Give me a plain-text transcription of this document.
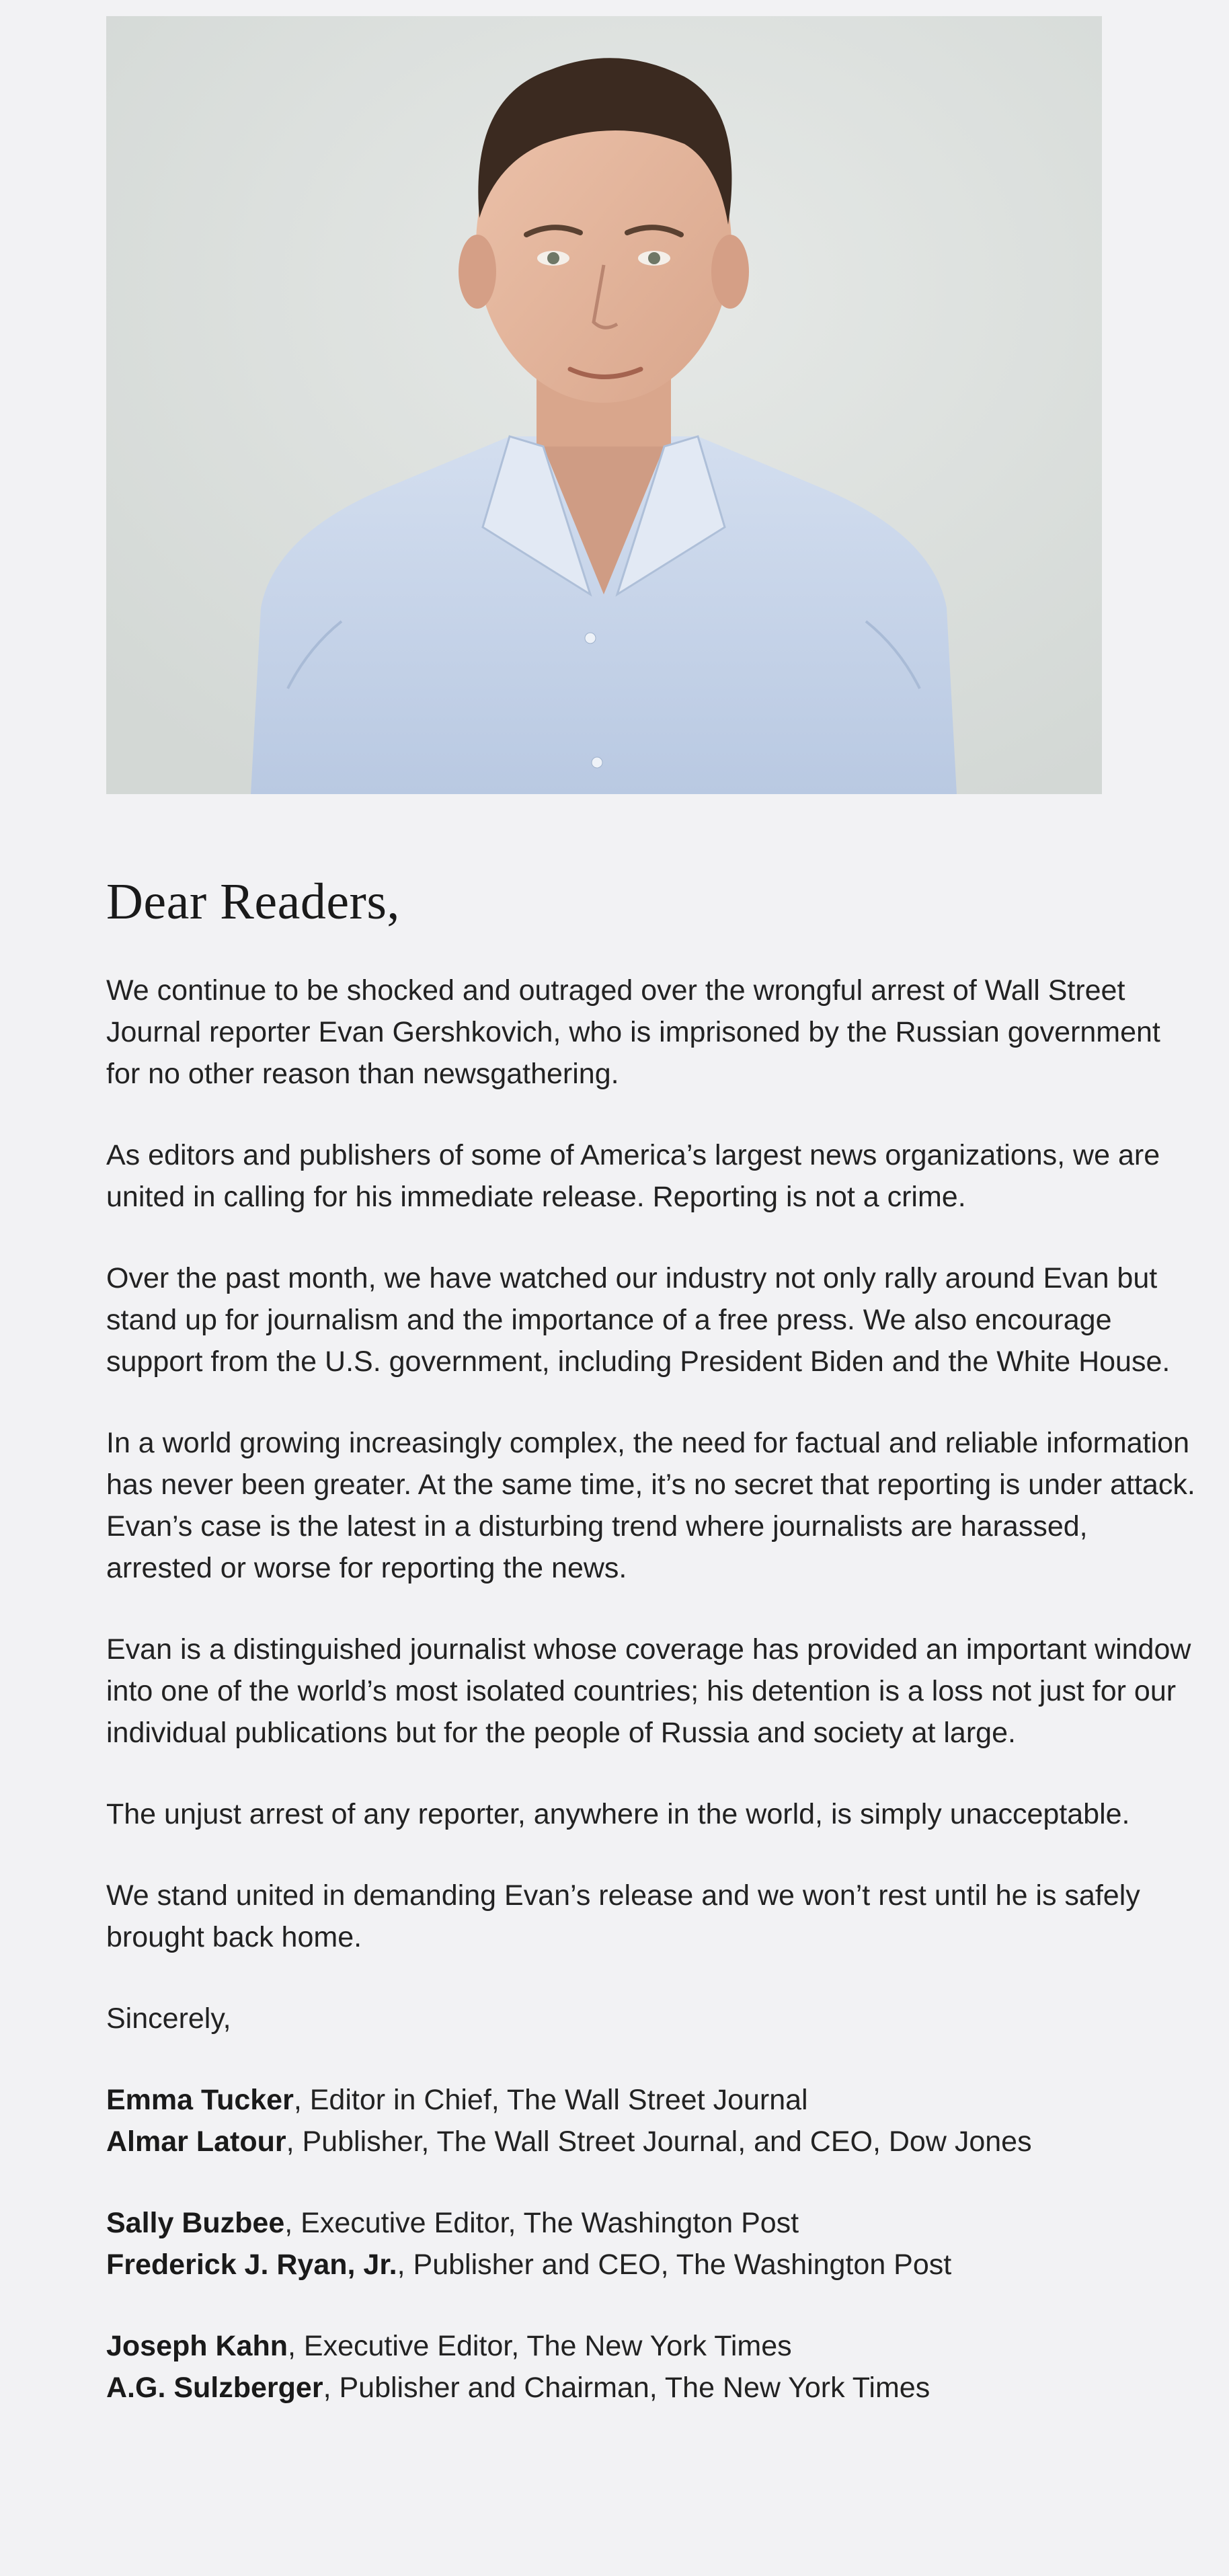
Dear Readers,

We continue to be shocked and outraged over the wrongful arrest of Wall Street Journal reporter Evan Gershkovich, who is imprisoned by the Russian government for no other reason than newsgathering.

As editors and publishers of some of America’s largest news organizations, we are united in calling for his immediate release. Reporting is not a crime.

Over the past month, we have watched our industry not only rally around Evan but stand up for journalism and the importance of a free press. We also encourage support from the U.S. government, including President Biden and the White House.

In a world growing increasingly complex, the need for factual and reliable information has never been greater. At the same time, it’s no secret that reporting is under attack. Evan’s case is the latest in a disturbing trend where journalists are harassed, arrested or worse for reporting the news.

Evan is a distinguished journalist whose coverage has provided an important window into one of the world’s most isolated countries; his detention is a loss not just for our individual publications but for the people of Russia and society at large.

The unjust arrest of any reporter, anywhere in the world, is simply unacceptable.

We stand united in demanding Evan’s release and we won’t rest until he is safely brought back home.

Sincerely,

Emma Tucker, Editor in Chief, The Wall Street Journal
Almar Latour, Publisher, The Wall Street Journal, and CEO, Dow Jones
Sally Buzbee, Executive Editor, The Washington Post
Frederick J. Ryan, Jr., Publisher and CEO, The Washington Post
Joseph Kahn, Executive Editor, The New York Times
A.G. Sulzberger, Publisher and Chairman, The New York Times
